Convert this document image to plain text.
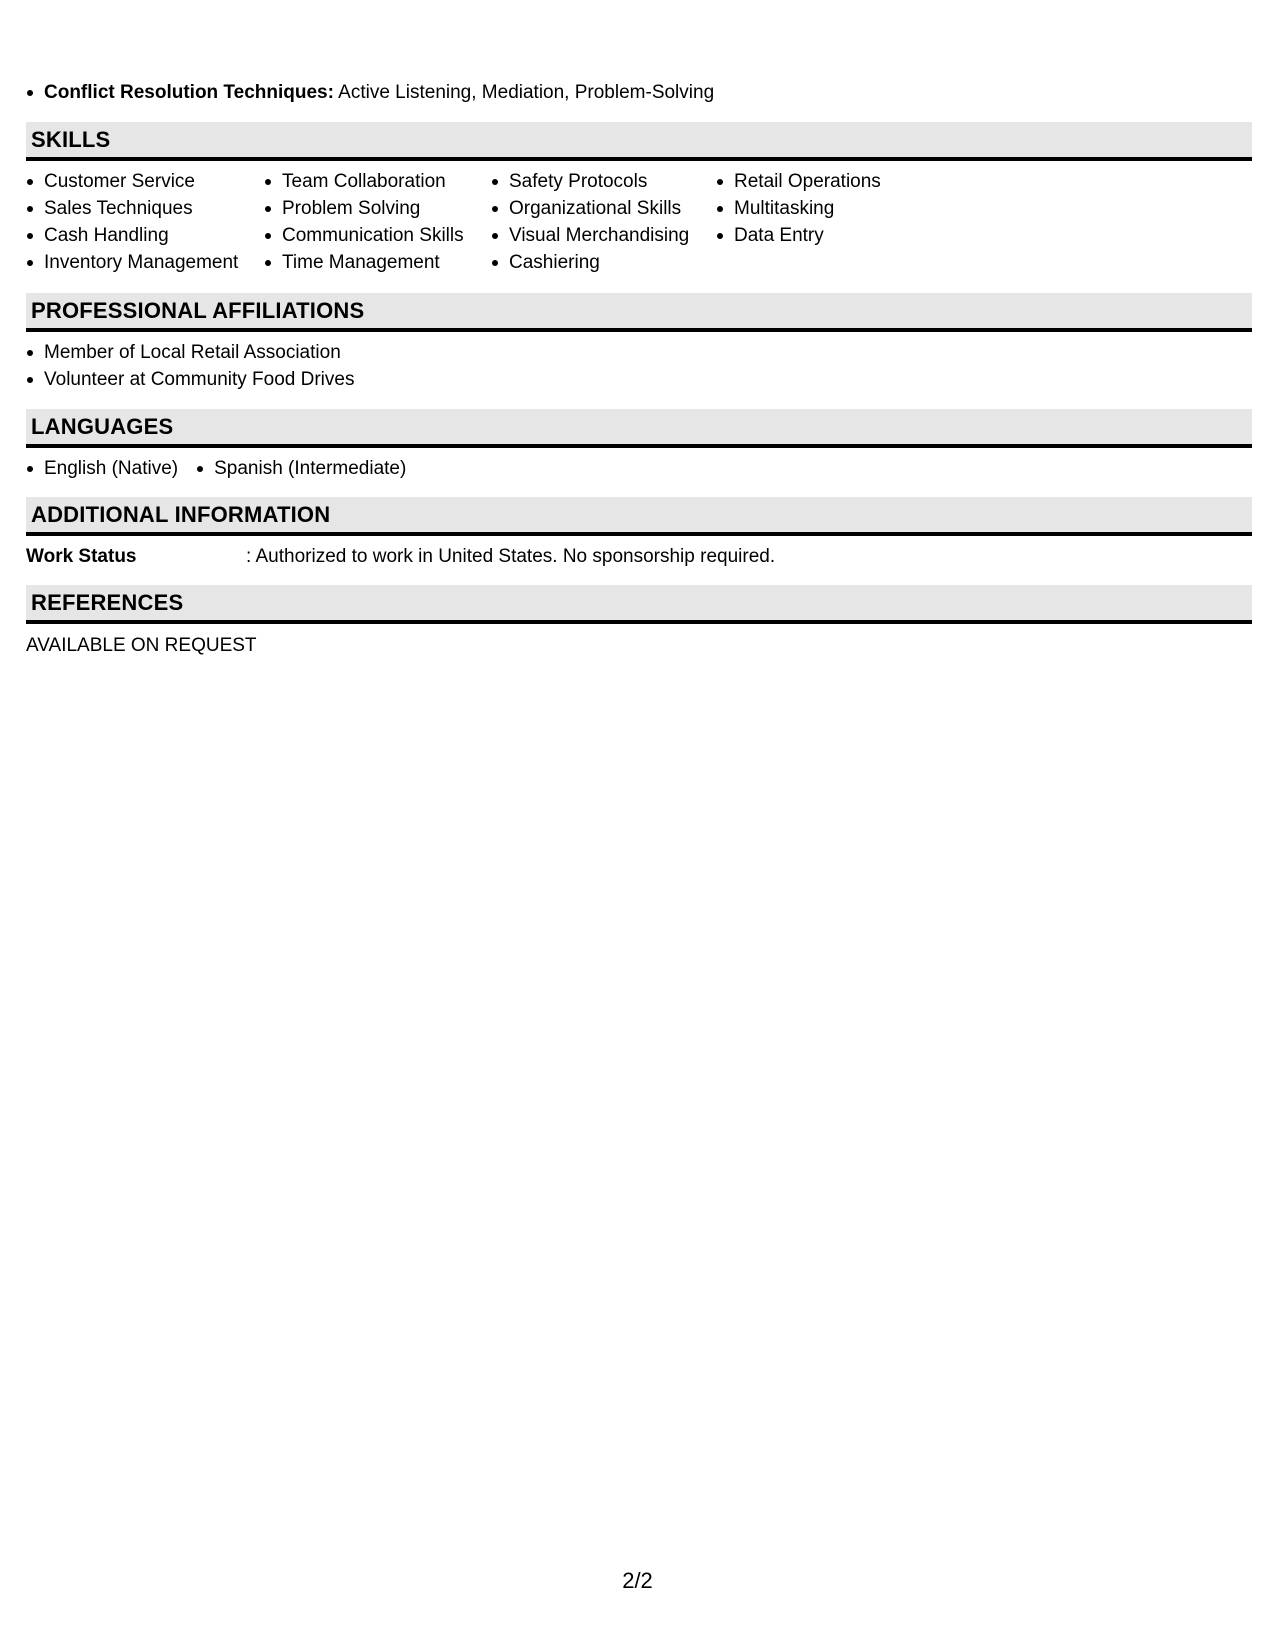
Conflict Resolution Techniques: Active Listening, Mediation, Problem-Solving
SKILLS
Customer Service
Sales Techniques
Cash Handling
Inventory Management
Team Collaboration
Problem Solving
Communication Skills
Time Management
Safety Protocols
Organizational Skills
Visual Merchandising
Cashiering
Retail Operations
Multitasking
Data Entry
PROFESSIONAL AFFILIATIONS
Member of Local Retail Association
Volunteer at Community Food Drives
LANGUAGES
English (Native)	Spanish (Intermediate)
ADDITIONAL INFORMATION
Work Status	: Authorized to work in United States. No sponsorship required.
REFERENCES
AVAILABLE ON REQUEST
2/2
